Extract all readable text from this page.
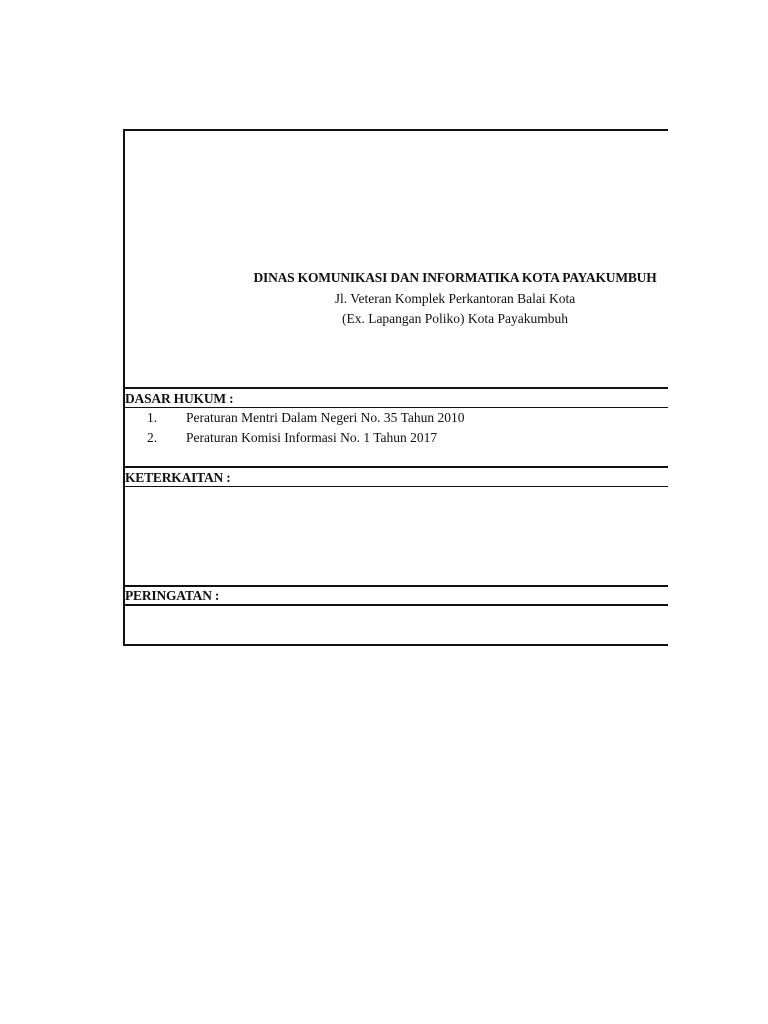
DINAS KOMUNIKASI DAN INFORMATIKA KOTA PAYAKUMBUH
Jl. Veteran Komplek Perkantoran Balai Kota
(Ex. Lapangan Poliko) Kota Payakumbuh
DASAR HUKUM :
1. Peraturan Mentri Dalam Negeri No. 35 Tahun 2010
2. Peraturan Komisi Informasi No. 1 Tahun 2017
KETERKAITAN :
PERINGATAN :
